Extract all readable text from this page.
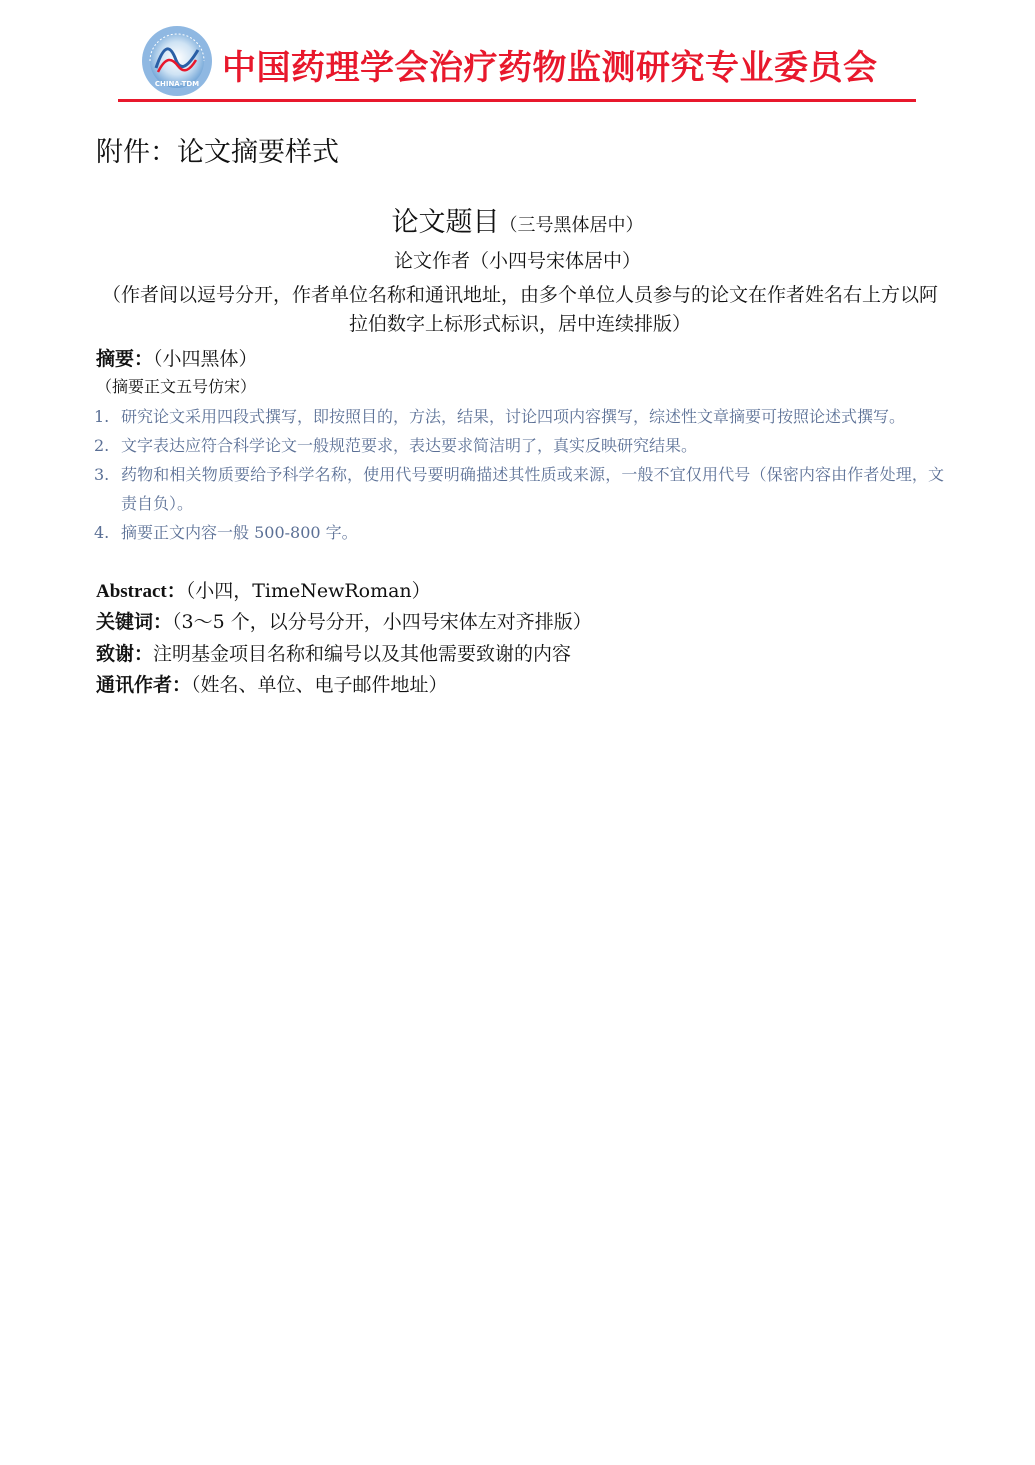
CHINA-TDM 中国药理学会治疗药物监测研究专业委员会
附件：论文摘要样式
论文题目（三号黑体居中）
论文作者（小四号宋体居中）
（作者间以逗号分开，作者单位名称和通讯地址，由多个单位人员参与的论文在作者姓名右上方以阿拉伯数字上标形式标识，居中连续排版）
摘要：（小四黑体）
（摘要正文五号仿宋）
1. 研究论文采用四段式撰写，即按照目的，方法，结果，讨论四项内容撰写，综述性文章摘要可按照论述式撰写。
2. 文字表达应符合科学论文一般规范要求，表达要求简洁明了，真实反映研究结果。
3. 药物和相关物质要给予科学名称，使用代号要明确描述其性质或来源，一般不宜仅用代号（保密内容由作者处理，文责自负）。
4. 摘要正文内容一般 500-800 字。
Abstract：（小四，TimeNewRoman）
关键词：（3～5 个，以分号分开，小四号宋体左对齐排版）
致谢：注明基金项目名称和编号以及其他需要致谢的内容
通讯作者：（姓名、单位、电子邮件地址）
